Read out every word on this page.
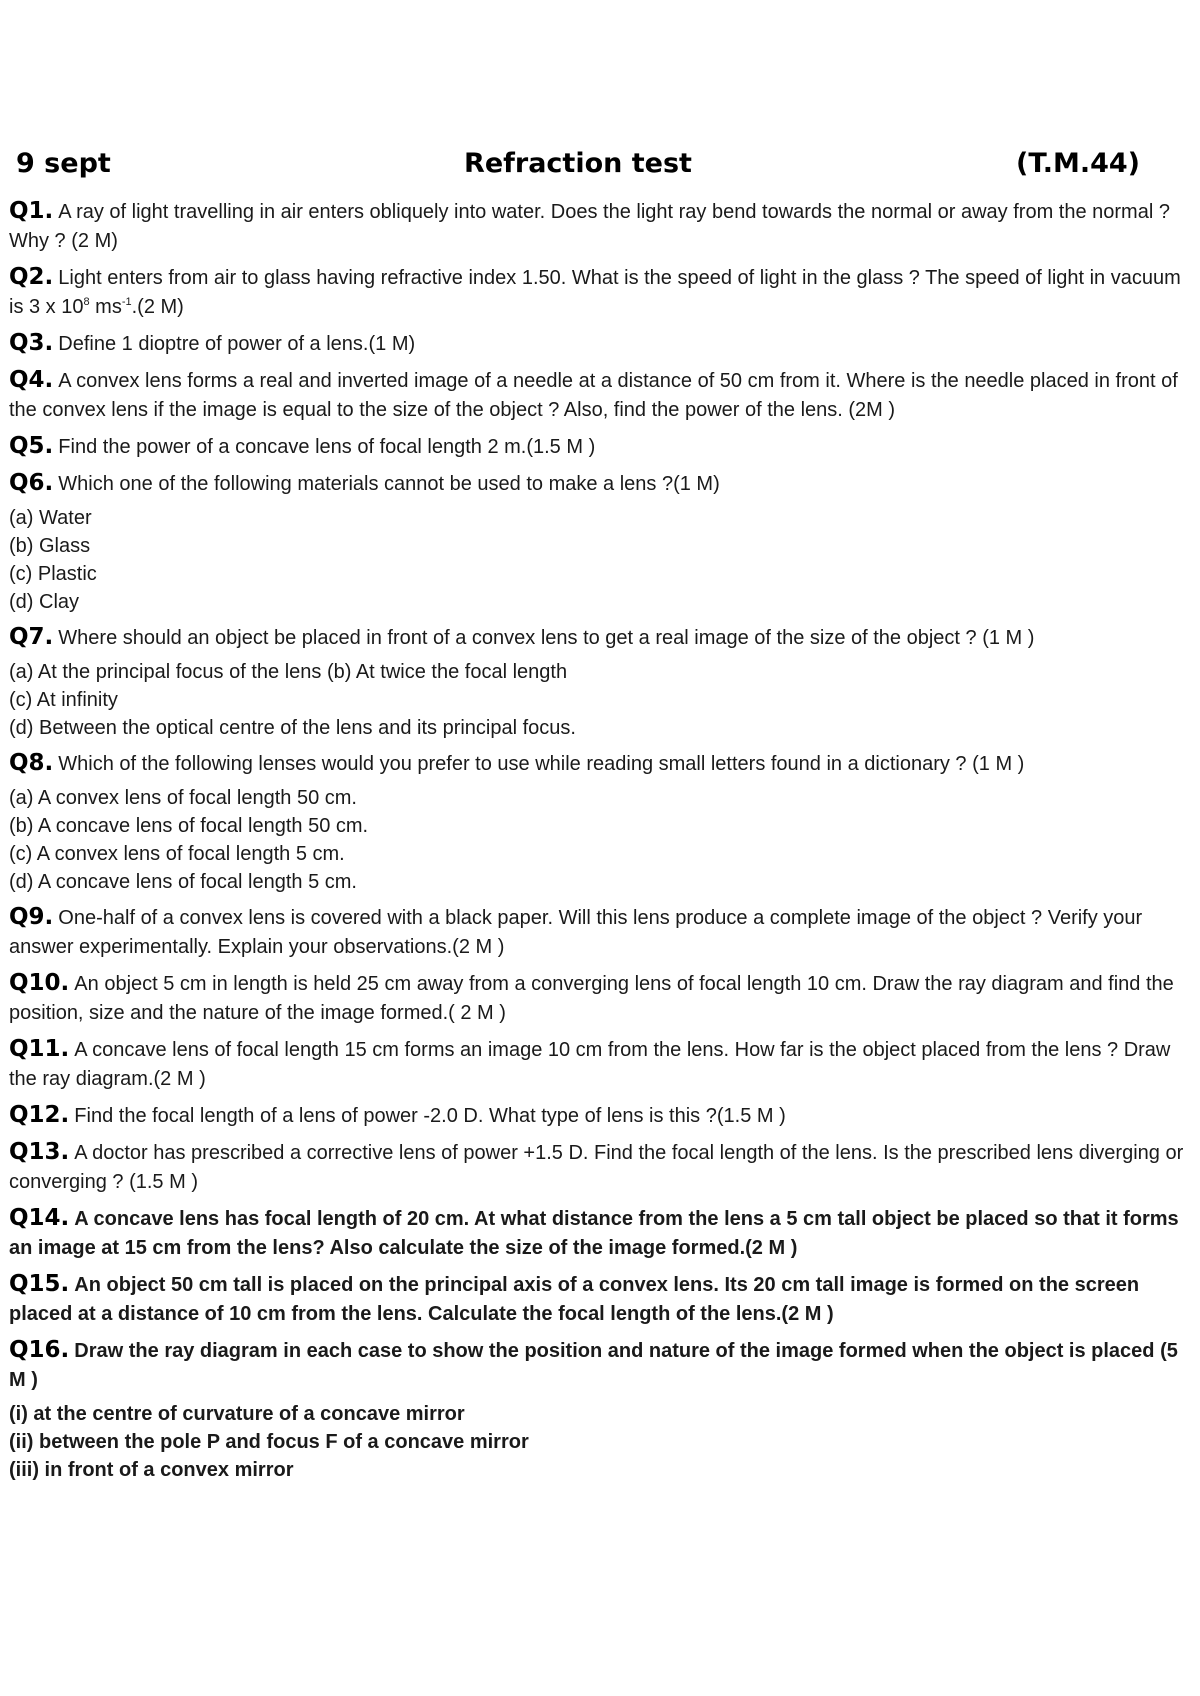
9 sept	Refraction test	(T.M.44)
Q1. A ray of light travelling in air enters obliquely into water. Does the light ray bend towards the normal or away from the normal ? Why ? (2 M)
Q2. Light enters from air to glass having refractive index 1.50. What is the speed of light in the glass ? The speed of light in vacuum is 3 x $10^8$ $ms^{-1}.(2$ M)
Q3. Define 1 dioptre of power of a lens.(1 M)
Q4. A convex lens forms a real and inverted image of a needle at a distance of 50 cm from it. Where is the needle placed in front of the convex lens if the image is equal to the size of the object ? Also, find the power of the lens. (2M )
Q5. Find the power of a concave lens of focal length 2 m.(1.5 M )
Q6. Which one of the following materials cannot be used to make a lens ?(1 M)
(a) Water
(b) Glass
(c) Plastic
(d) Clay
Q7. Where should an object be placed in front of a convex lens to get a real image of the size of the object ? (1 M )
(a) At the principal focus of the lens (b) At twice the focal length
(c) At infinity
(d) Between the optical centre of the lens and its principal focus.
Q8. Which of the following lenses would you prefer to use while reading small letters found in a dictionary ? (1 M )
(a) A convex lens of focal length 50 cm.
(b) A concave lens of focal length 50 cm.
(c) A convex lens of focal length 5 cm.
(d) A concave lens of focal length 5 cm.
Q9. One-half of a convex lens is covered with a black paper. Will this lens produce a complete image of the object ? Verify your answer experimentally. Explain your observations.(2 M )
Q10. An object 5 cm in length is held 25 cm away from a converging lens of focal length 10 cm. Draw the ray diagram and find the position, size and the nature of the image formed.( 2 M )
Q11. A concave lens of focal length 15 cm forms an image 10 cm from the lens. How far is the object placed from the lens ? Draw the ray diagram.(2 M )
Q12. Find the focal length of a lens of power -2.0 D. What type of lens is this ?(1.5 M )
Q13. A doctor has prescribed a corrective lens of power +1.5 D. Find the focal length of the lens. Is the prescribed lens diverging or converging ? (1.5 M )
Q14. A concave lens has focal length of 20 cm. At what distance from the lens a 5 cm tall object be placed so that it forms an image at 15 cm from the lens? Also calculate the size of the image formed.(2 M )
Q15. An object 50 cm tall is placed on the principal axis of a convex lens. Its 20 cm tall image is formed on the screen placed at a distance of 10 cm from the lens. Calculate the focal length of the lens.(2 M )
Q16. Draw the ray diagram in each case to show the position and nature of the image formed when the object is placed (5 M )
(i) at the centre of curvature of a concave mirror
(ii) between the pole P and focus F of a concave mirror
(iii) in front of a convex mirror
